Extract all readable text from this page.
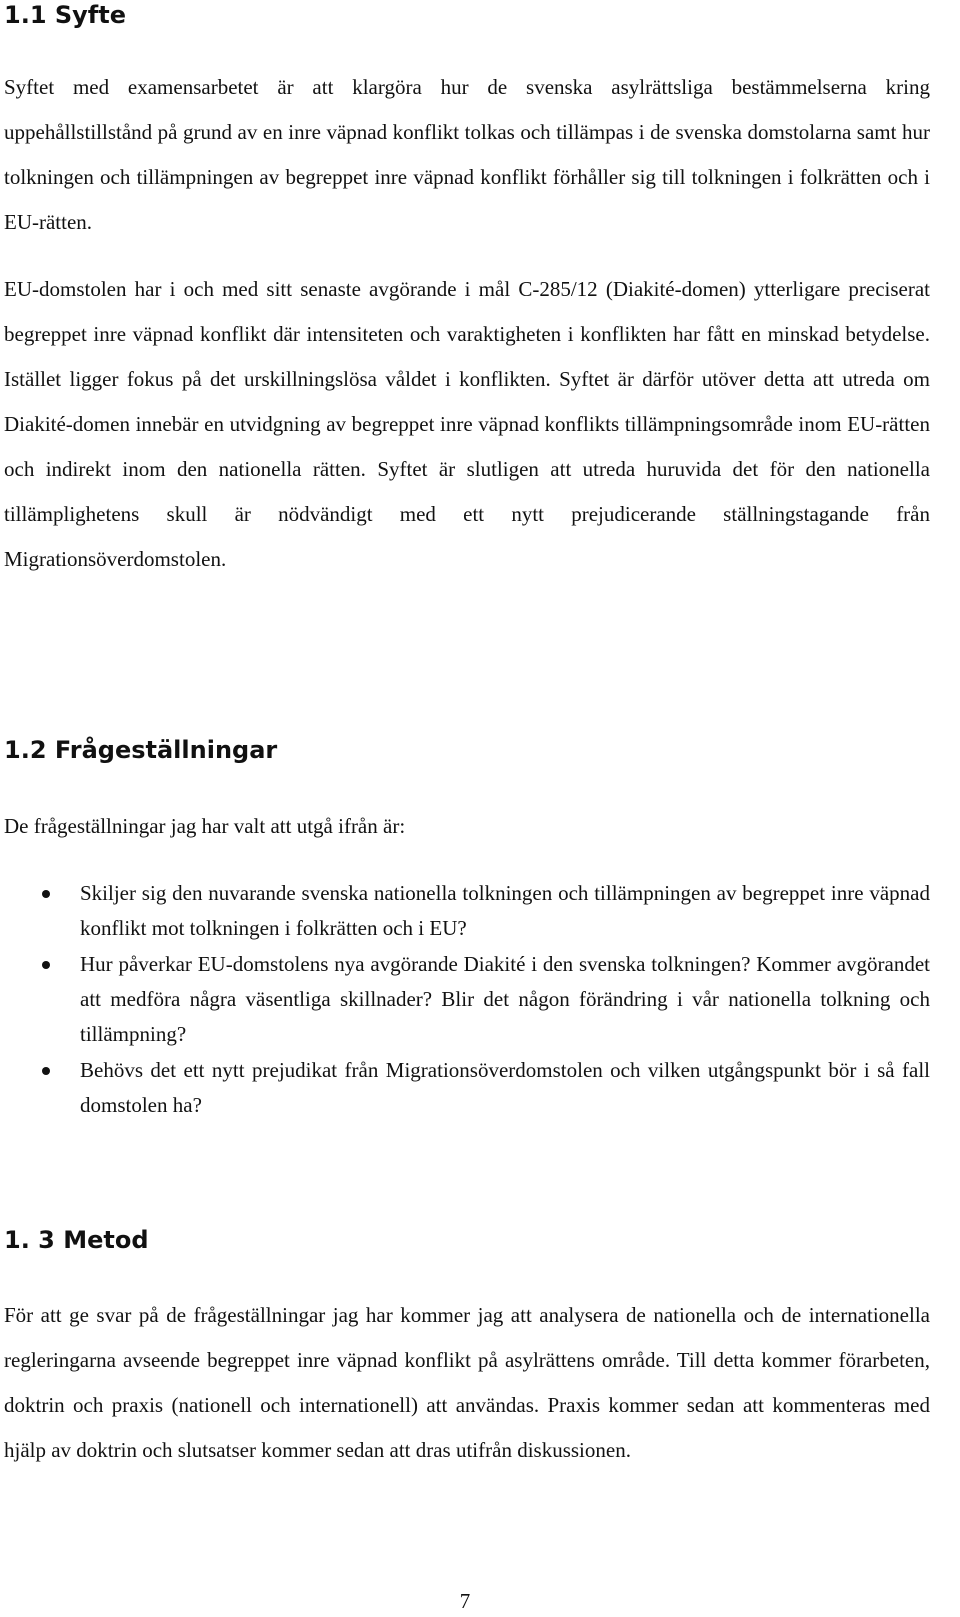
1.1 Syfte

Syftet med examensarbetet är att klargöra hur de svenska asylrättsliga bestämmelserna kring uppehållstillstånd på grund av en inre väpnad konflikt tolkas och tillämpas i de svenska domstolarna samt hur tolkningen och tillämpningen av begreppet inre väpnad konflikt förhåller sig till tolkningen i folkrätten och i EU-rätten.

EU-domstolen har i och med sitt senaste avgörande i mål C-285/12 (Diakité-domen) ytterligare preciserat begreppet inre väpnad konflikt där intensiteten och varaktigheten i konflikten har fått en minskad betydelse. Istället ligger fokus på det urskillningslösa våldet i konflikten. Syftet är därför utöver detta att utreda om Diakité-domen innebär en utvidgning av begreppet inre väpnad konflikts tillämpningsområde inom EU-rätten och indirekt inom den nationella rätten. Syftet är slutligen att utreda huruvida det för den nationella tillämplighetens skull är nödvändigt med ett nytt prejudicerande ställningstagande från Migrationsöverdomstolen.

1.2 Frågeställningar

De frågeställningar jag har valt att utgå ifrån är:

Skiljer sig den nuvarande svenska nationella tolkningen och tillämpningen av begreppet inre väpnad konflikt mot tolkningen i folkrätten och i EU?
Hur påverkar EU-domstolens nya avgörande Diakité i den svenska tolkningen? Kommer avgörandet att medföra några väsentliga skillnader? Blir det någon förändring i vår nationella tolkning och tillämpning?
Behövs det ett nytt prejudikat från Migrationsöverdomstolen och vilken utgångspunkt bör i så fall domstolen ha?
1. 3 Metod

För att ge svar på de frågeställningar jag har kommer jag att analysera de nationella och de internationella regleringarna avseende begreppet inre väpnad konflikt på asylrättens område. Till detta kommer förarbeten, doktrin och praxis (nationell och internationell) att användas. Praxis kommer sedan att kommenteras med hjälp av doktrin och slutsatser kommer sedan att dras utifrån diskussionen.

7
